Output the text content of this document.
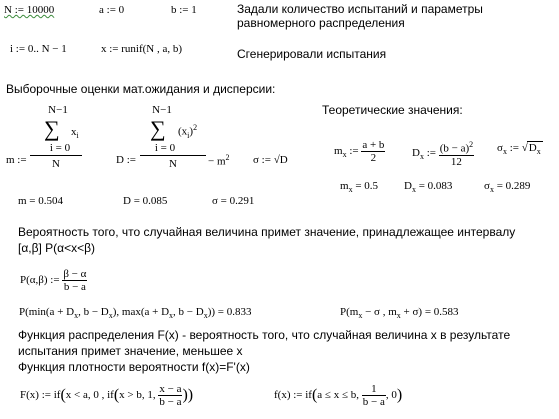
N := 10000	a := 0	b := 1	Задали количество испытаний и параметры
равномерного распределения
i := 0.. N − 1	x := runif(N , a, b)	Сгенерировали испытания
Выборочные оценки мат.ожидания и дисперсии:
m :=
N−1
∑ $x_i$
i = 0
N	D :=
N−1
∑ $(x_i)^2$
i = 0
N	− $m^2$ σ := √D
m = 0.504	D = 0.085	σ = 0.291
Теоретические значения:
$m_x$ := $\frac{a + b}{2} D_x$ := $\frac{(b - a)^2}{12} \sigma_x$ := $√D_x$
$m_x = 0.5$ $D_x = 0.083$	$\sigma_x = 0.289$
Вероятность того, что случайная величина примет значение, принадлежащее интервалу
[α,β] P(α<x<β)
P(α,β) := $\frac{\beta - \alpha}{b - a}$
$P(\min(a + D_x$, $b - D_x$), $\max(a + D_x$, $b - D_x)) = 0.833$	$P(m_x - \sigma$ , $m_x + \sigma) = 0.583$
Функция распределения F(x) - вероятность того, что случайная величина x в результате
испытания примет значение, меньшее x
Функция плотности вероятности f(x)=F'(x)
F(x) := if(x < a, 0 , if(x > b, 1, $\frac{x - a}{b - a}$ ))	f(x) := if(a ≤ x ≤ b, $\frac{1}{b - a}$ , 0)
